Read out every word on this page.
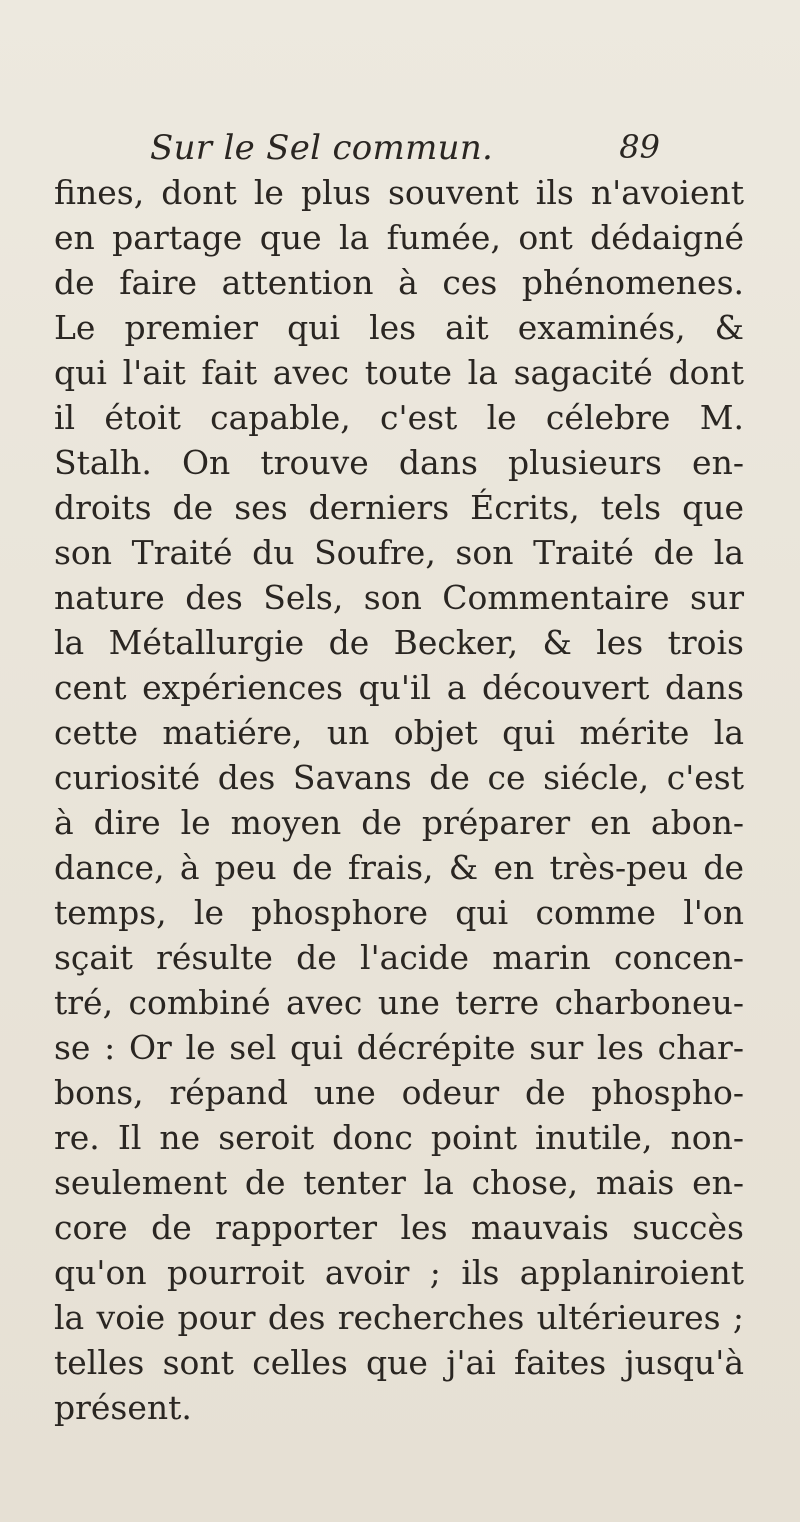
Sur le Sel commun.	89
fines, dont le plus souvent ils n'avoient
en partage que la fumée, ont dédaigné
de faire attention à ces phénomenes.
Le premier qui les ait examinés, &
qui l'ait fait avec toute la sagacité dont
il étoit capable, c'est le célebre M.
Stalh. On trouve dans plusieurs en-
droits de ses derniers Écrits, tels que
son Traité du Soufre, son Traité de la
nature des Sels, son Commentaire sur
la Métallurgie de Becker, & les trois
cent expériences qu'il a découvert dans
cette matiére, un objet qui mérite la
curiosité des Savans de ce siécle, c'est
à dire le moyen de préparer en abon-
dance, à peu de frais, & en très-peu de
temps, le phosphore qui comme l'on
sçait résulte de l'acide marin concen-
tré, combiné avec une terre charboneu-
se : Or le sel qui décrépite sur les char-
bons, répand une odeur de phospho-
re. Il ne seroit donc point inutile, non-
seulement de tenter la chose, mais en-
core de rapporter les mauvais succès
qu'on pourroit avoir ; ils applaniroient
la voie pour des recherches ultérieures ;
telles sont celles que j'ai faites jusqu'à
présent.
